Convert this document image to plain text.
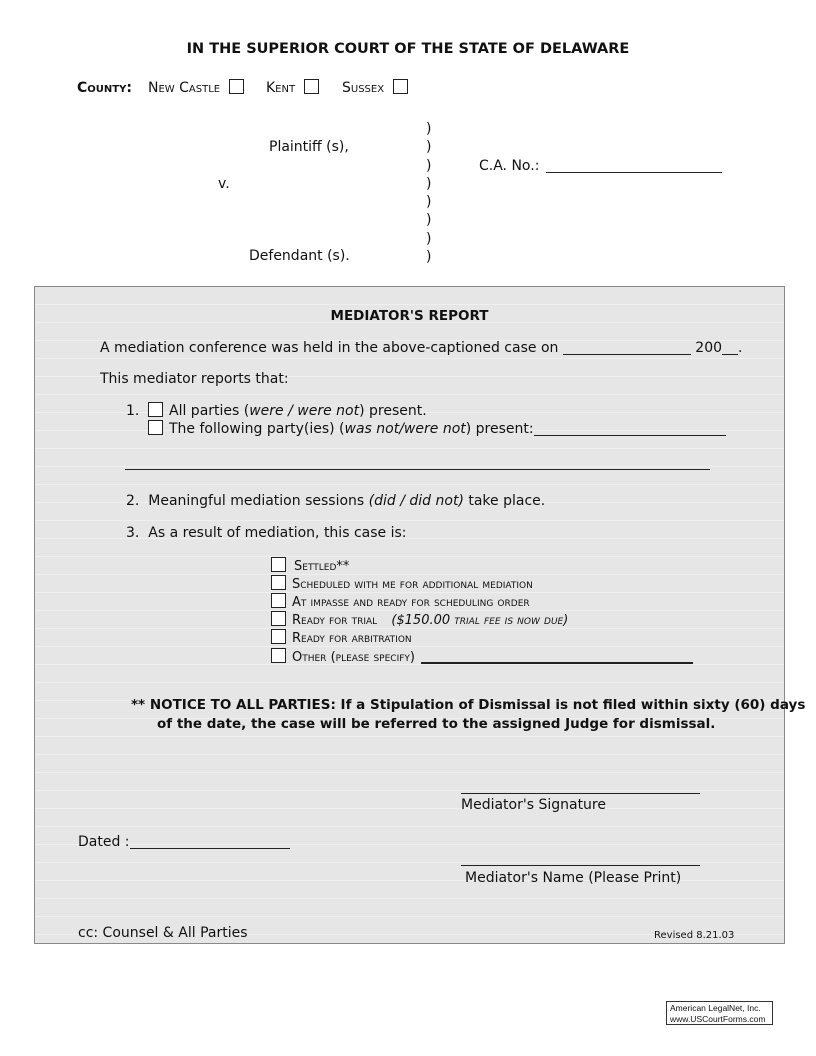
IN THE SUPERIOR COURT OF THE STATE OF DELAWARE
County: New Castle	Kent	Sussex
Plaintiff (s),
v.
Defendant (s).
)
)
)
)
)
)
)
)
C.A. No.:
MEDIATOR'S REPORT
A mediation conference was held in the above-captioned case on	200 .
This mediator reports that:
1.	All parties (were / were not) present.
The following party(ies) (was not/were not) present:
2. Meaningful mediation sessions (did / did not) take place.
3. As a result of mediation, this case is:
Settled**
Scheduled with me for additional mediation
At impasse and ready for scheduling order
Ready for trial ($150.00 trial fee is now due)
Ready for arbitration
Other (please specify)
** NOTICE TO ALL PARTIES: If a Stipulation of Dismissal is not filed within sixty (60) days
of the date, the case will be referred to the assigned Judge for dismissal.
Mediator's Signature
Dated :
Mediator's Name (Please Print)
cc: Counsel & All Parties	Revised 8.21.03
American LegalNet, Inc.
www.USCourtForms.com
